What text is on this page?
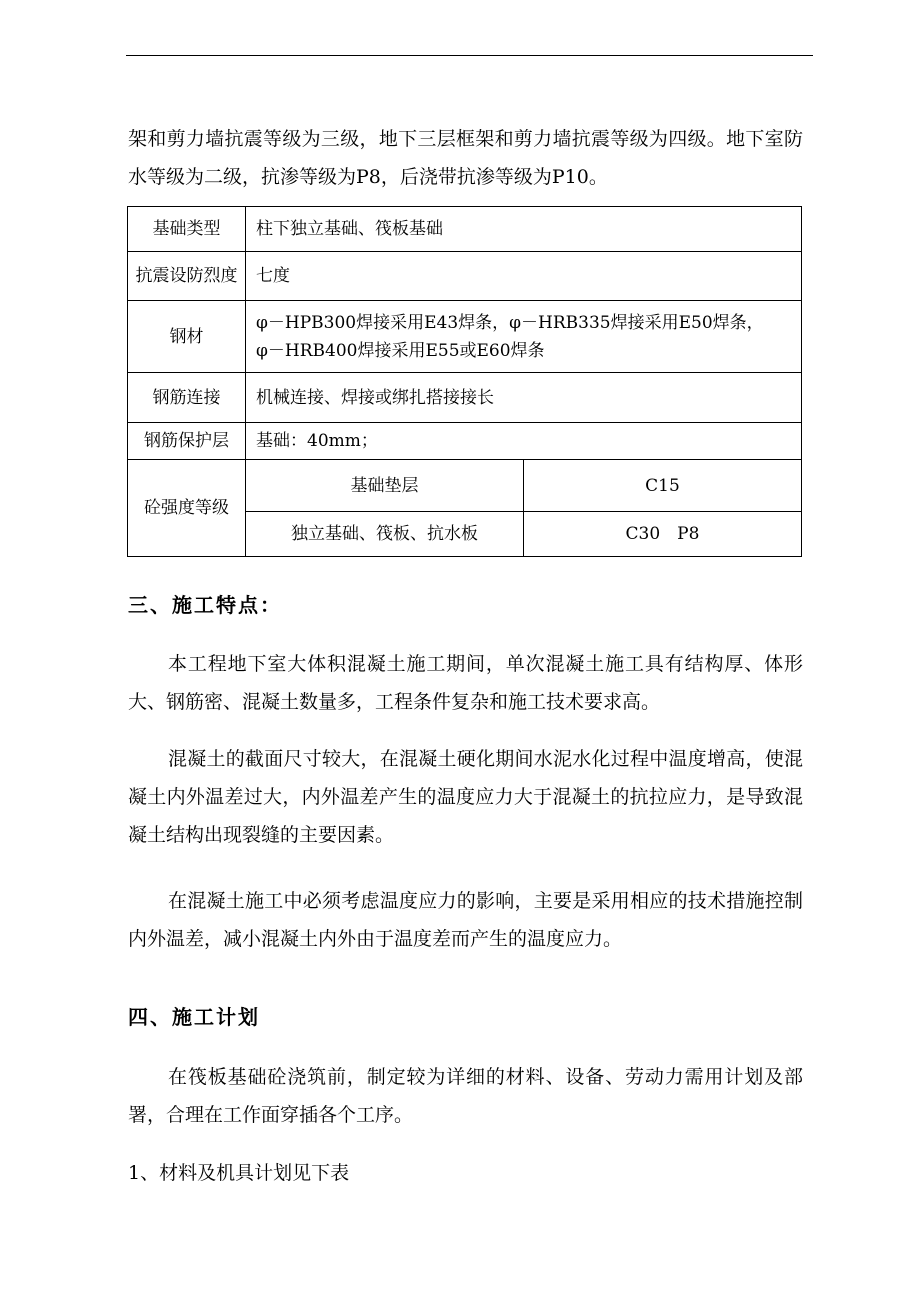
架和剪力墙抗震等级为三级，地下三层框架和剪力墙抗震等级为四级。地下室防水等级为二级，抗渗等级为P8，后浇带抗渗等级为P10。

基础类型	柱下独立基础、筏板基础	
抗震设防烈度	七度	
钢材	φ－HPB300焊接采用E43焊条，φ－HRB335焊接采用E50焊条，
φ－HRB400焊接采用E55或E60焊条	

钢筋连接	机械连接、焊接或绑扎搭接接长	
钢筋保护层	基础：40mm；	
砼强度等级	基础垫层	C15
	独立基础、筏板、抗水板	C30　P8
三、施工特点：

本工程地下室大体积混凝土施工期间，单次混凝土施工具有结构厚、体形大、钢筋密、混凝土数量多，工程条件复杂和施工技术要求高。

混凝土的截面尺寸较大，在混凝土硬化期间水泥水化过程中温度增高，使混凝土内外温差过大，内外温差产生的温度应力大于混凝土的抗拉应力，是导致混凝土结构出现裂缝的主要因素。

在混凝土施工中必须考虑温度应力的影响，主要是采用相应的技术措施控制内外温差，减小混凝土内外由于温度差而产生的温度应力。

四、施工计划

在筏板基础砼浇筑前，制定较为详细的材料、设备、劳动力需用计划及部署，合理在工作面穿插各个工序。

1、材料及机具计划见下表
